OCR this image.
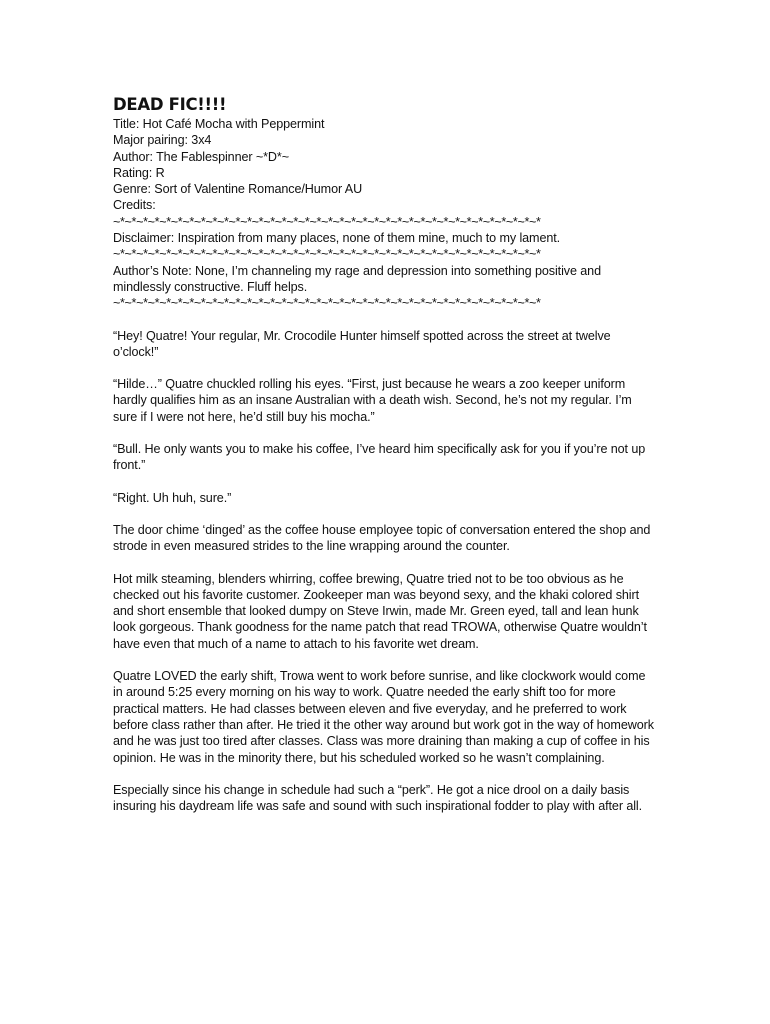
DEAD FIC!!!!
Title: Hot Café Mocha with Peppermint
Major pairing: 3x4
Author: The Fablespinner ~*D*~
Rating: R
Genre: Sort of Valentine Romance/Humor AU
Credits:
~*~*~*~*~*~*~*~*~*~*~*~*~*~*~*~*~*~*~*~*~*~*~*~*~*~*~*~*~*~*~*~*~*~*~*~*~*
Disclaimer: Inspiration from many places, none of them mine, much to my lament.
~*~*~*~*~*~*~*~*~*~*~*~*~*~*~*~*~*~*~*~*~*~*~*~*~*~*~*~*~*~*~*~*~*~*~*~*~*
Author’s Note: None, I’m channeling my rage and depression into something positive and mindlessly constructive. Fluff helps.
~*~*~*~*~*~*~*~*~*~*~*~*~*~*~*~*~*~*~*~*~*~*~*~*~*~*~*~*~*~*~*~*~*~*~*~*~*
“Hey! Quatre! Your regular, Mr. Crocodile Hunter himself spotted across the street at twelve o’clock!”
“Hilde…” Quatre chuckled rolling his eyes. “First, just because he wears a zoo keeper uniform hardly qualifies him as an insane Australian with a death wish. Second, he’s not my regular. I’m sure if I were not here, he’d still buy his mocha.”
“Bull. He only wants you to make his coffee, I’ve heard him specifically ask for you if you’re not up front.”
“Right. Uh huh, sure.”
The door chime ‘dinged’ as the coffee house employee topic of conversation entered the shop and strode in even measured strides to the line wrapping around the counter.
Hot milk steaming, blenders whirring, coffee brewing, Quatre tried not to be too obvious as he checked out his favorite customer. Zookeeper man was beyond sexy, and the khaki colored shirt and short ensemble that looked dumpy on Steve Irwin, made Mr. Green eyed, tall and lean hunk look gorgeous. Thank goodness for the name patch that read TROWA, otherwise Quatre wouldn’t have even that much of a name to attach to his favorite wet dream.
Quatre LOVED the early shift, Trowa went to work before sunrise, and like clockwork would come in around 5:25 every morning on his way to work. Quatre needed the early shift too for more practical matters. He had classes between eleven and five everyday, and he preferred to work before class rather than after. He tried it the other way around but work got in the way of homework and he was just too tired after classes. Class was more draining than making a cup of coffee in his opinion. He was in the minority there, but his scheduled worked so he wasn’t complaining.
Especially since his change in schedule had such a “perk”. He got a nice drool on a daily basis insuring his daydream life was safe and sound with such inspirational fodder to play with after all.
